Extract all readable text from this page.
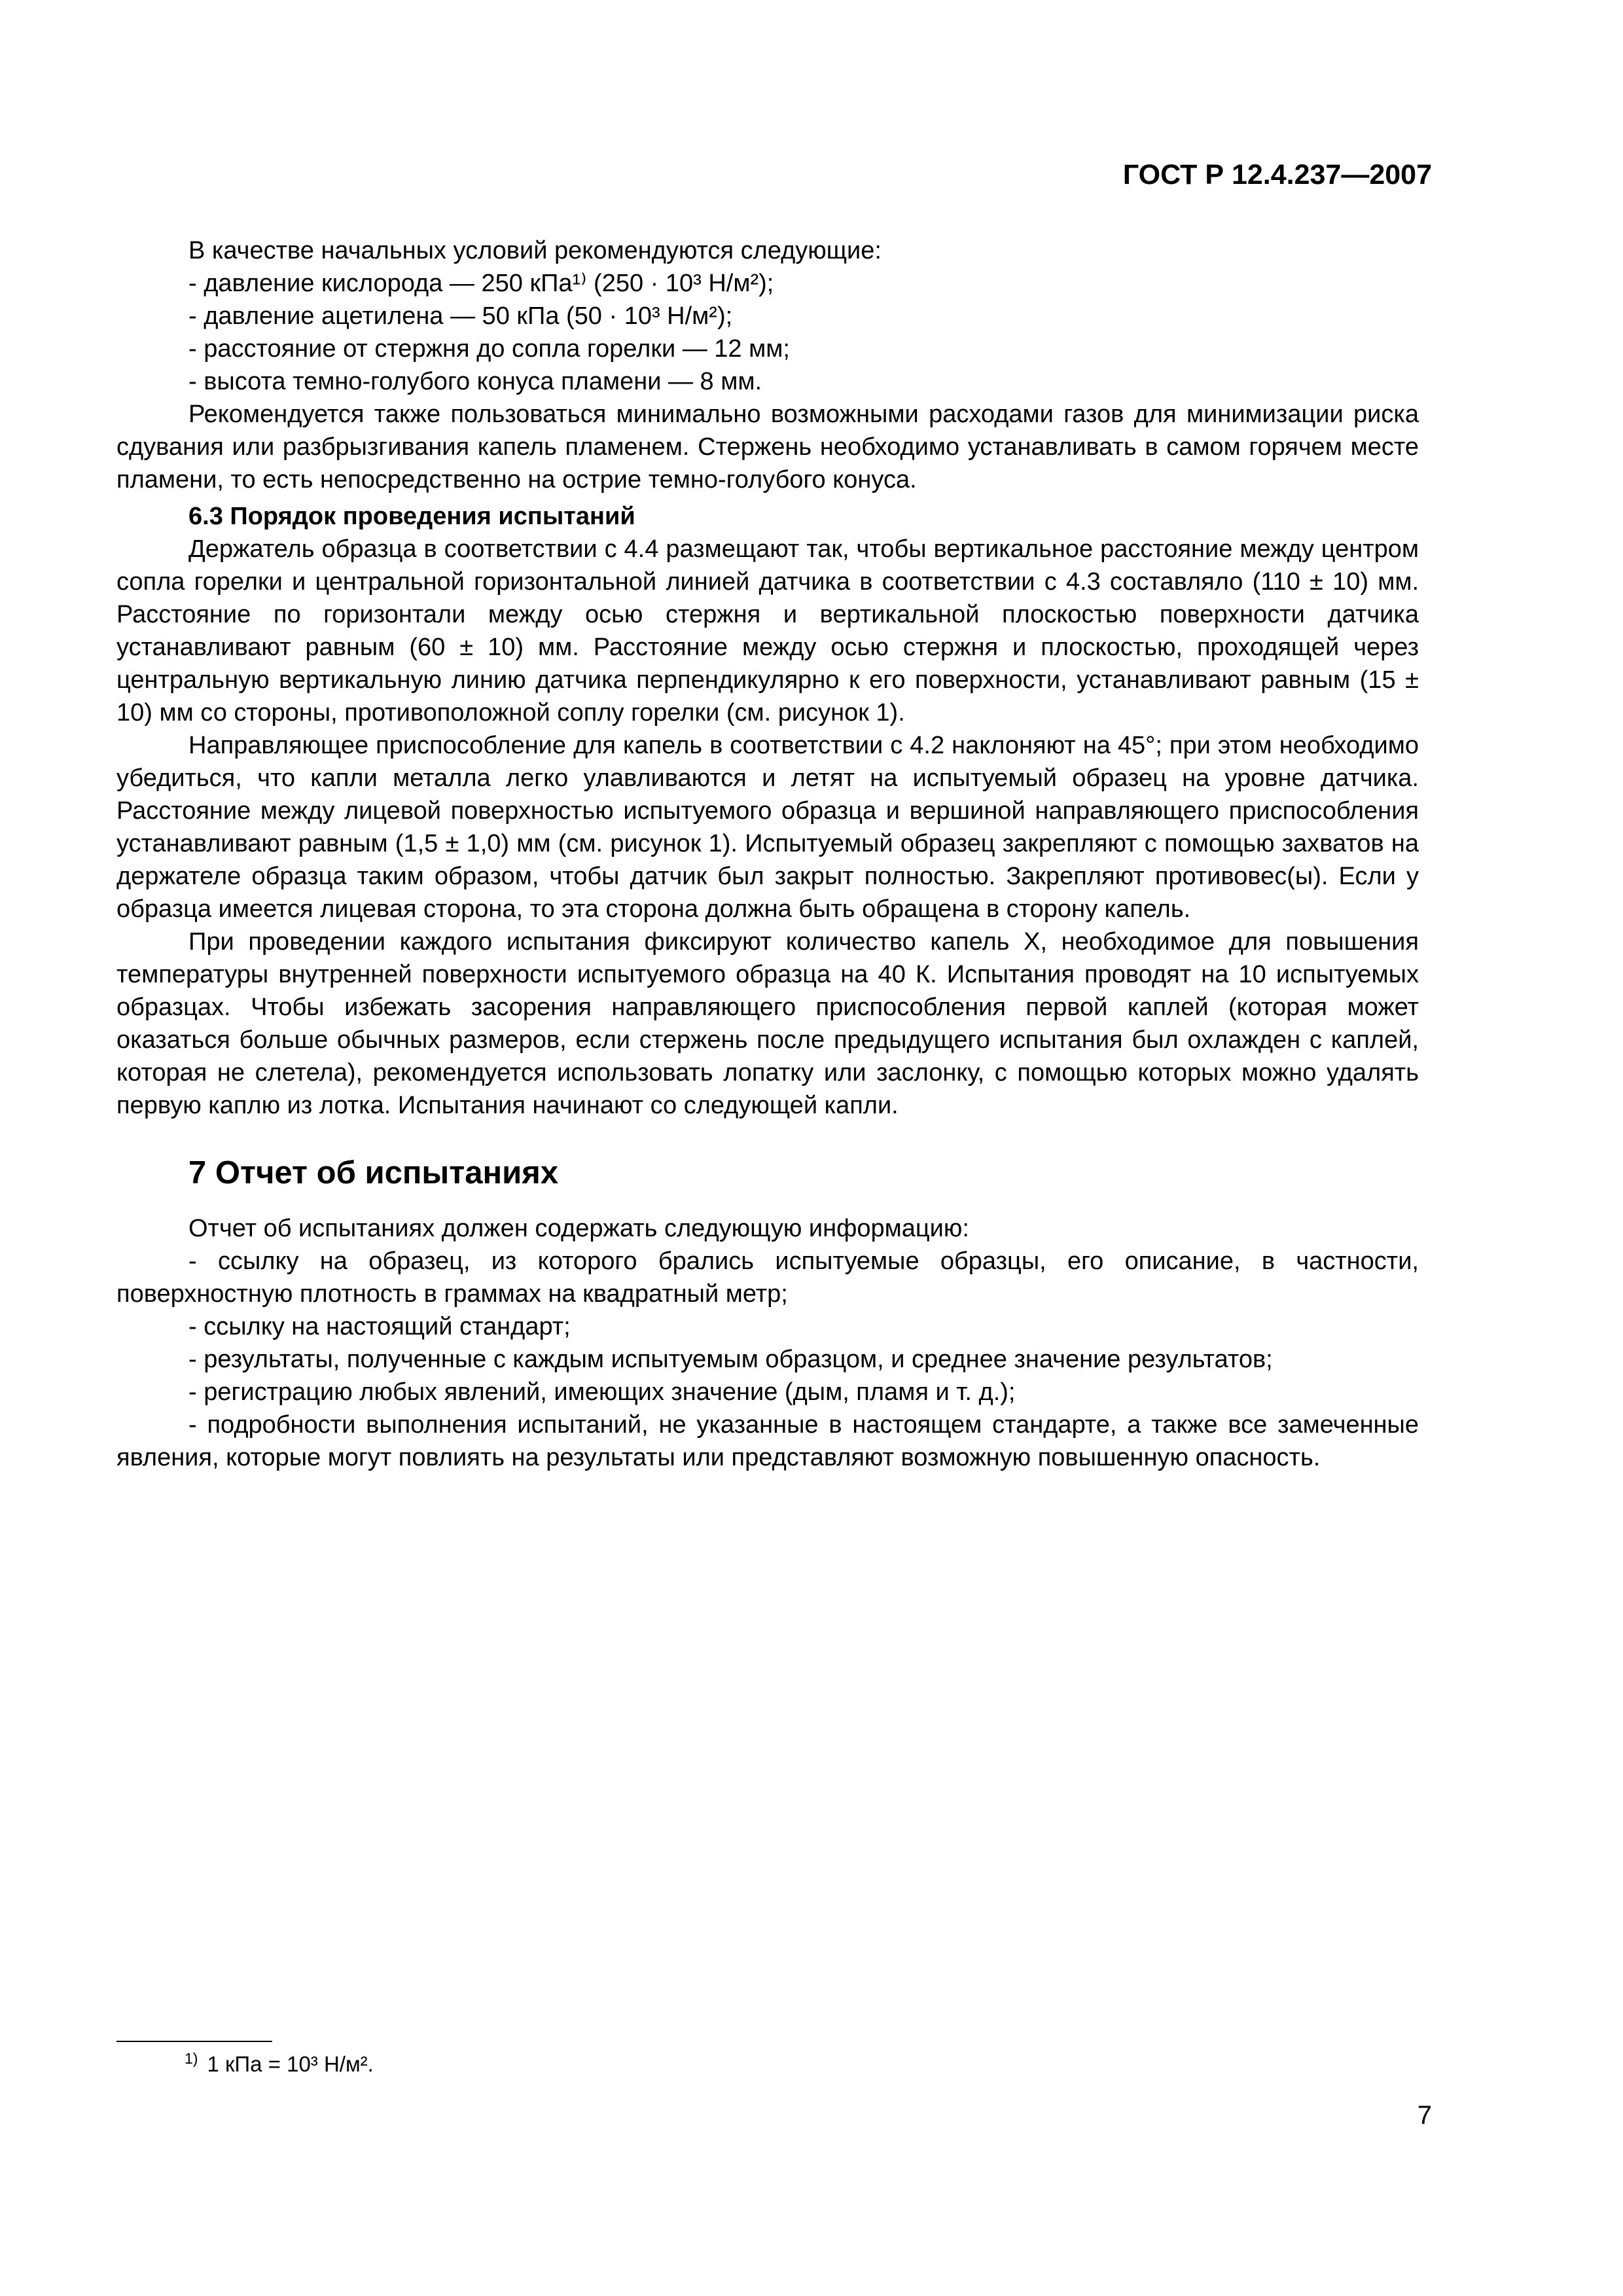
ГОСТ Р 12.4.237—2007

В качестве начальных условий рекомендуются следующие:

- давление кислорода — 250 кПа¹⁾ (250 · 10³ Н/м²);

- давление ацетилена — 50 кПа (50 · 10³ Н/м²);

- расстояние от стержня до сопла горелки — 12 мм;

- высота темно-голубого конуса пламени — 8 мм.

Рекомендуется также пользоваться минимально возможными расходами газов для минимизации риска сдувания или разбрызгивания капель пламенем. Стержень необходимо устанавливать в самом горячем месте пламени, то есть непосредственно на острие темно-голубого конуса.

6.3 Порядок проведения испытаний

Держатель образца в соответствии с 4.4 размещают так, чтобы вертикальное расстояние между центром сопла горелки и центральной горизонтальной линией датчика в соответствии с 4.3 составляло (110 ± 10) мм. Расстояние по горизонтали между осью стержня и вертикальной плоскостью поверхности датчика устанавливают равным (60 ± 10) мм. Расстояние между осью стержня и плоскостью, проходящей через центральную вертикальную линию датчика перпендикулярно к его поверхности, устанавливают равным (15 ± 10) мм со стороны, противоположной соплу горелки (см. рисунок 1).

Направляющее приспособление для капель в соответствии с 4.2 наклоняют на 45°; при этом необходимо убедиться, что капли металла легко улавливаются и летят на испытуемый образец на уровне датчика. Расстояние между лицевой поверхностью испытуемого образца и вершиной направляющего приспособления устанавливают равным (1,5 ± 1,0) мм (см. рисунок 1). Испытуемый образец закрепляют с помощью захватов на держателе образца таким образом, чтобы датчик был закрыт полностью. Закрепляют противовес(ы). Если у образца имеется лицевая сторона, то эта сторона должна быть обращена в сторону капель.

При проведении каждого испытания фиксируют количество капель X, необходимое для повышения температуры внутренней поверхности испытуемого образца на 40 К. Испытания проводят на 10 испытуемых образцах. Чтобы избежать засорения направляющего приспособления первой каплей (которая может оказаться больше обычных размеров, если стержень после предыдущего испытания был охлажден с каплей, которая не слетела), рекомендуется использовать лопатку или заслонку, с помощью которых можно удалять первую каплю из лотка. Испытания начинают со следующей капли.

7 Отчет об испытаниях

Отчет об испытаниях должен содержать следующую информацию:

- ссылку на образец, из которого брались испытуемые образцы, его описание, в частности, поверхностную плотность в граммах на квадратный метр;

- ссылку на настоящий стандарт;

- результаты, полученные с каждым испытуемым образцом, и среднее значение результатов;

- регистрацию любых явлений, имеющих значение (дым, пламя и т. д.);

- подробности выполнения испытаний, не указанные в настоящем стандарте, а также все замеченные явления, которые могут повлиять на результаты или представляют возможную повышенную опасность.

$^{1)}$ 1 кПа = 10³ Н/м².
7
